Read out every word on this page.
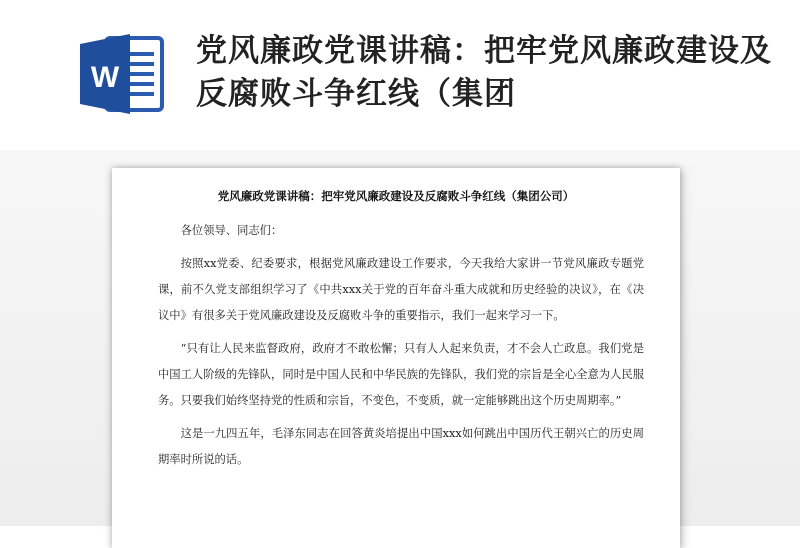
W
党风廉政党课讲稿：把牢党风廉政建设及反腐败斗争红线（集团

党风廉政党课讲稿：把牢党风廉政建设及反腐败斗争红线（集团公司）

各位领导、同志们：

按照xx党委、纪委要求，根据党风廉政建设工作要求，今天我给大家讲一节党风廉政专题党课，前不久党支部组织学习了《中共xxx关于党的百年奋斗重大成就和历史经验的决议》，在《决议中》有很多关于党风廉政建设及反腐败斗争的重要指示，我们一起来学习一下。

“只有让人民来监督政府，政府才不敢松懈；只有人人起来负责，才不会人亡政息。我们党是中国工人阶级的先锋队，同时是中国人民和中华民族的先锋队，我们党的宗旨是全心全意为人民服务。只要我们始终坚持党的性质和宗旨，不变色，不变质，就一定能够跳出这个历史周期率。”

这是一九四五年，毛泽东同志在回答黄炎培提出中国xxx如何跳出中国历代王朝兴亡的历史周期率时所说的话。
